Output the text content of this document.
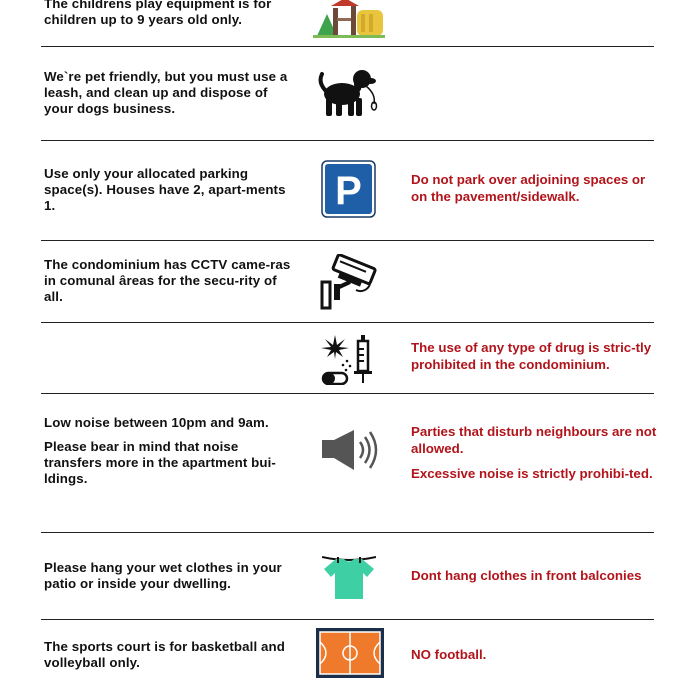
The childrens play equipment is for children up to 9 years old only.

We`re pet friendly, but you must use a leash, and clean up and dispose of your dogs business.

Use only your allocated parking space(s). Houses have 2, apart-ments 1.	P	Do not park over adjoining spaces or on the pavement/sidewalk.

The condominium has CCTV came-ras in comunal âreas for the secu-rity of all.

The use of any type of drug is stric-tly prohibited in the condominium.

Low noise between 10pm and 9am.

Please bear in mind that noise transfers more in the apartment bui-ldings.

Parties that disturb neighbours are not allowed.

Excessive noise is strictly prohibi-ted.

Please hang your wet clothes in your patio or inside your dwelling.

Dont hang clothes in front balconies

The sports court is for basketball and volleyball only.

NO football.
